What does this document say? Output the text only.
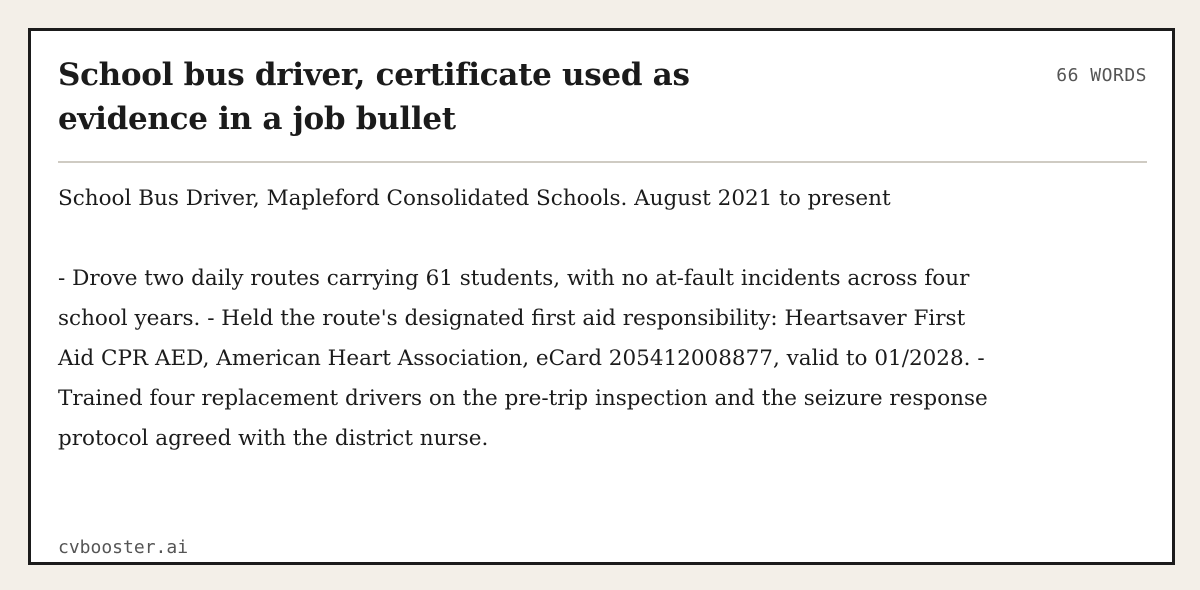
School bus driver, certificate used as evidence in a job bullet
66 WORDS

School Bus Driver, Mapleford Consolidated Schools. August 2021 to present

- Drove two daily routes carrying 61 students, with no at-fault incidents across four school years. - Held the route's designated first aid responsibility: Heartsaver First Aid CPR AED, American Heart Association, eCard 205412008877, valid to 01/2028. - Trained four replacement drivers on the pre-trip inspection and the seizure response protocol agreed with the district nurse.

cvbooster.ai
